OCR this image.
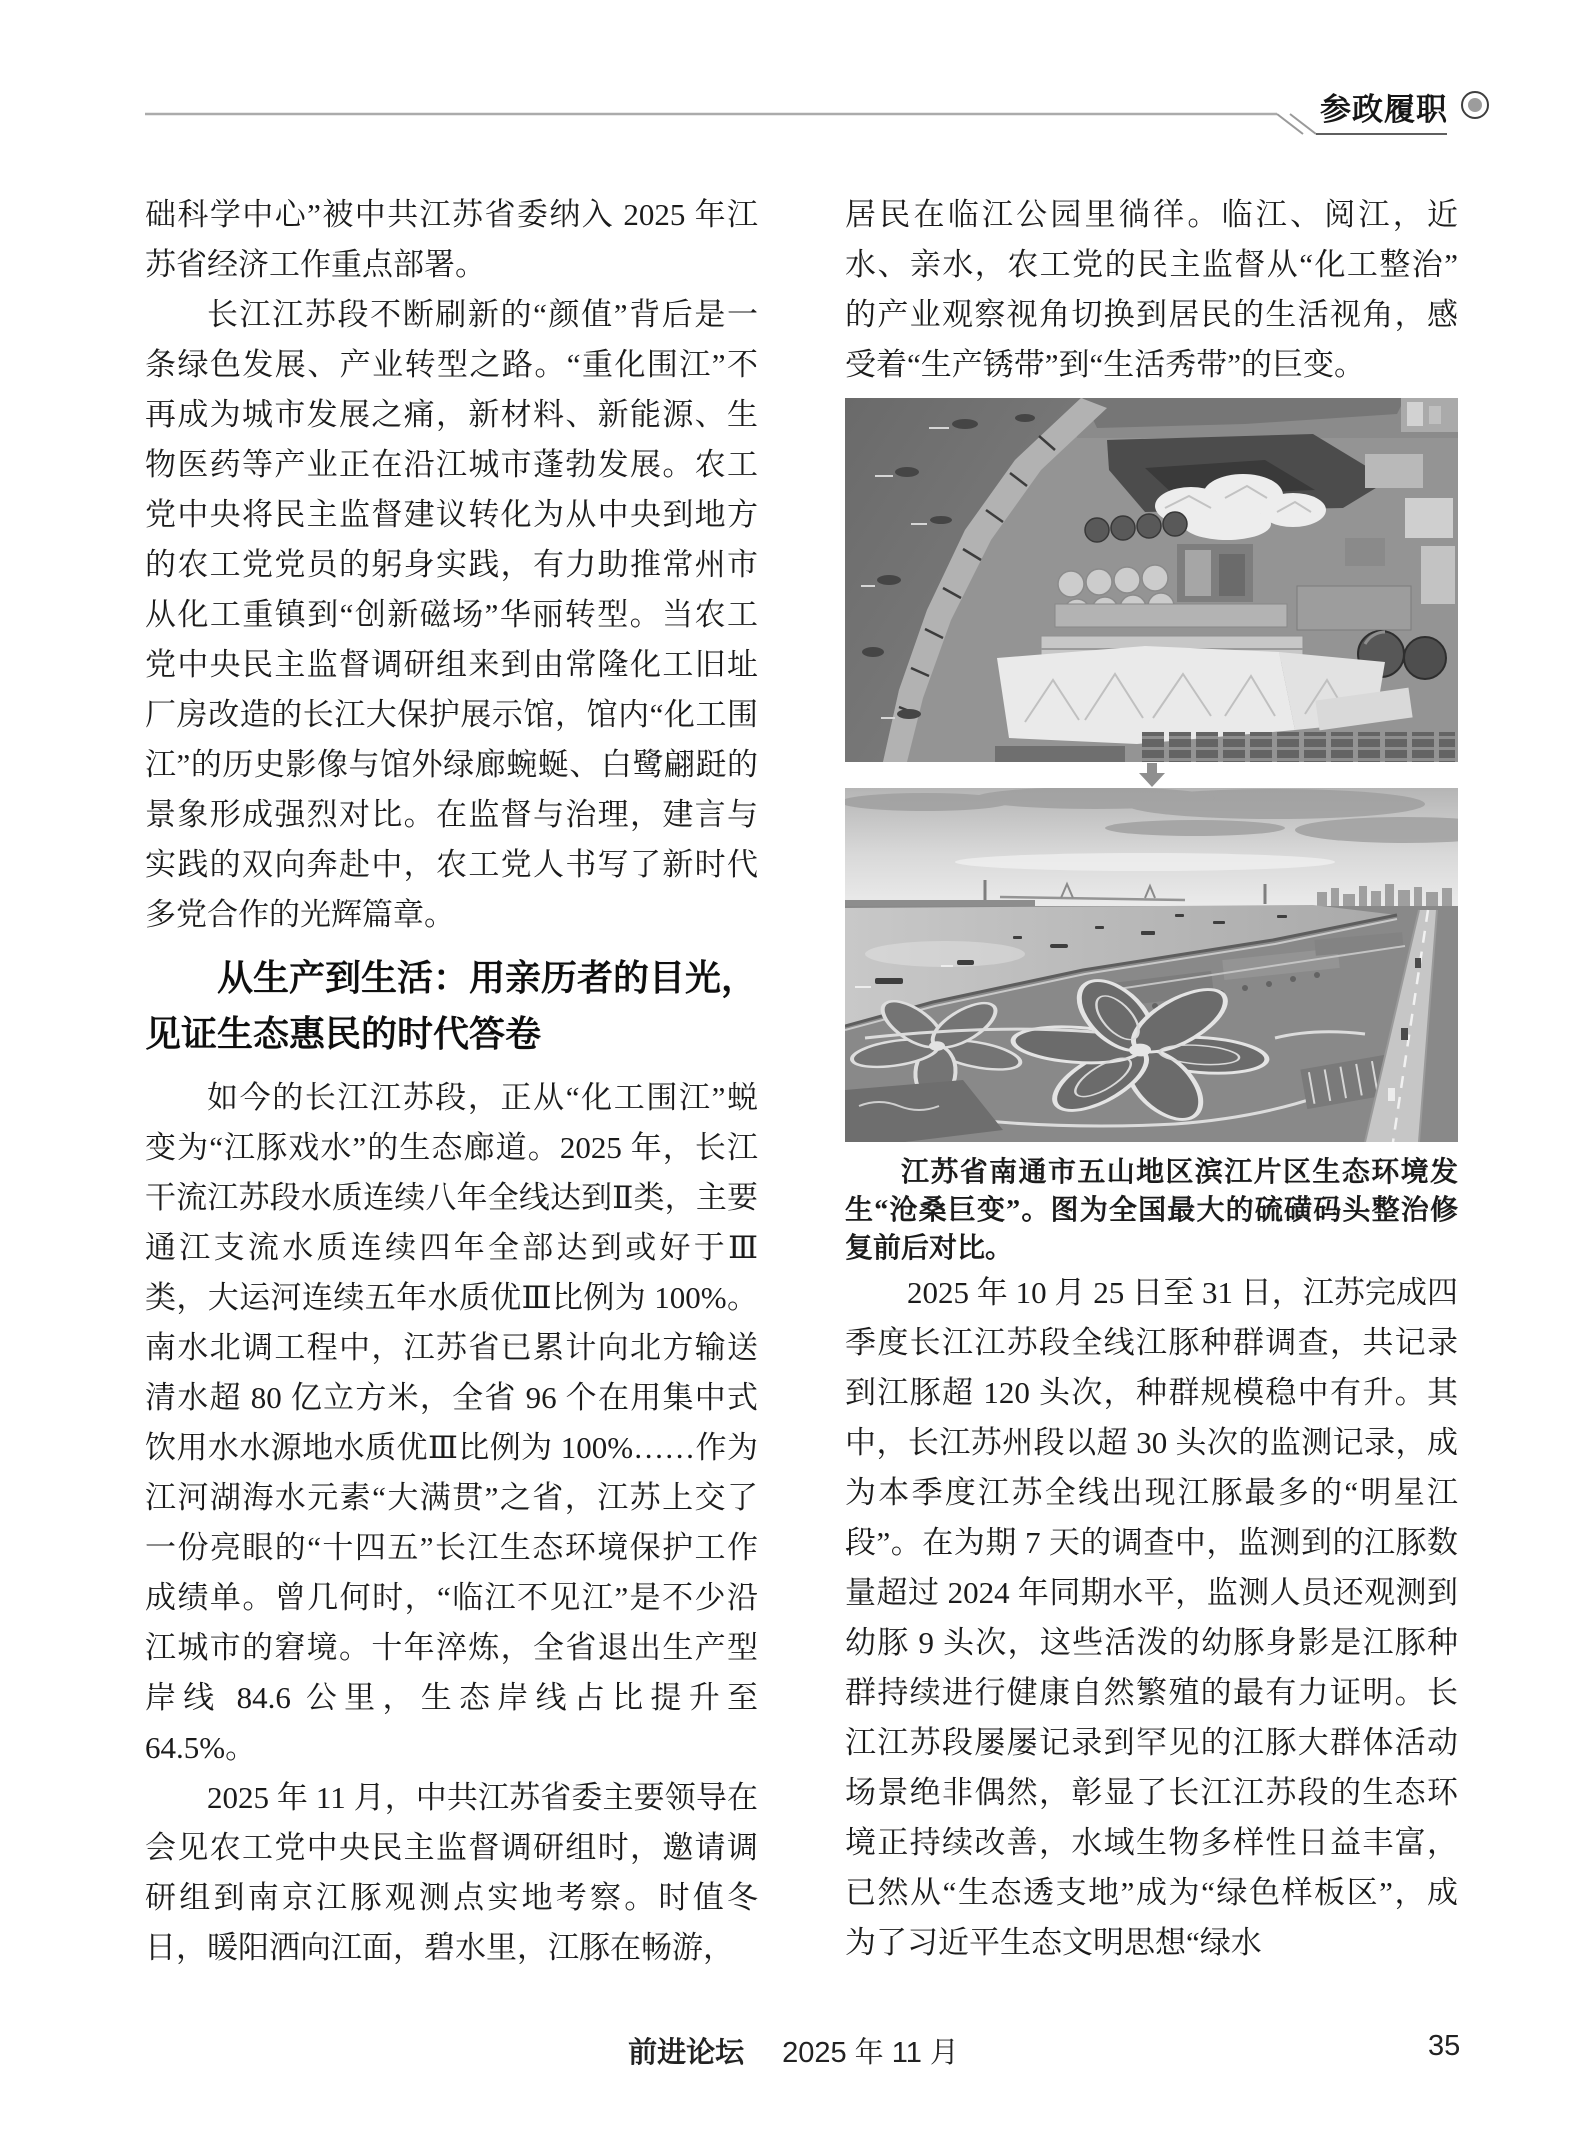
参政履职

础科学中心”被中共江苏省委纳入 2025 年江苏省经济工作重点部署。

长江江苏段不断刷新的“颜值”背后是一条绿色发展、产业转型之路。“重化围江”不再成为城市发展之痛，新材料、新能源、生物医药等产业正在沿江城市蓬勃发展。农工党中央将民主监督建议转化为从中央到地方的农工党党员的躬身实践，有力助推常州市从化工重镇到“创新磁场”华丽转型。当农工党中央民主监督调研组来到由常隆化工旧址厂房改造的长江大保护展示馆，馆内“化工围江”的历史影像与馆外绿廊蜿蜒、白鹭翩跹的景象形成强烈对比。在监督与治理，建言与实践的双向奔赴中，农工党人书写了新时代多党合作的光辉篇章。

从生产到生活：用亲历者的目光，见证生态惠民的时代答卷

如今的长江江苏段，正从“化工围江”蜕变为“江豚戏水”的生态廊道。2025 年，长江干流江苏段水质连续八年全线达到Ⅱ类，主要通江支流水质连续四年全部达到或好于Ⅲ类，大运河连续五年水质优Ⅲ比例为 100%。南水北调工程中，江苏省已累计向北方输送清水超 80 亿立方米，全省 96 个在用集中式饮用水水源地水质优Ⅲ比例为 100%……作为江河湖海水元素“大满贯”之省，江苏上交了一份亮眼的“十四五”长江生态环境保护工作成绩单。曾几何时，“临江不见江”是不少沿江城市的窘境。十年淬炼，全省退出生产型岸线 84.6 公里，生态岸线占比提升至 64.5%。

2025 年 11 月，中共江苏省委主要领导在会见农工党中央民主监督调研组时，邀请调研组到南京江豚观测点实地考察。时值冬日，暖阳洒向江面，碧水里，江豚在畅游，

居民在临江公园里徜徉。临江、阅江，近水、亲水，农工党的民主监督从“化工整治”的产业观察视角切换到居民的生活视角，感受着“生产锈带”到“生活秀带”的巨变。

江苏省南通市五山地区滨江片区生态环境发生“沧桑巨变”。图为全国最大的硫磺码头整治修复前后对比。

2025 年 10 月 25 日至 31 日，江苏完成四季度长江江苏段全线江豚种群调查，共记录到江豚超 120 头次，种群规模稳中有升。其中，长江苏州段以超 30 头次的监测记录，成为本季度江苏全线出现江豚最多的“明星江段”。在为期 7 天的调查中，监测到的江豚数量超过 2024 年同期水平，监测人员还观测到幼豚 9 头次，这些活泼的幼豚身影是江豚种群持续进行健康自然繁殖的最有力证明。长江江苏段屡屡记录到罕见的江豚大群体活动场景绝非偶然，彰显了长江江苏段的生态环境正持续改善，水域生物多样性日益丰富，已然从“生态透支地”成为“绿色样板区”，成为了习近平生态文明思想“绿水

前进论坛 2025 年 11 月	35
